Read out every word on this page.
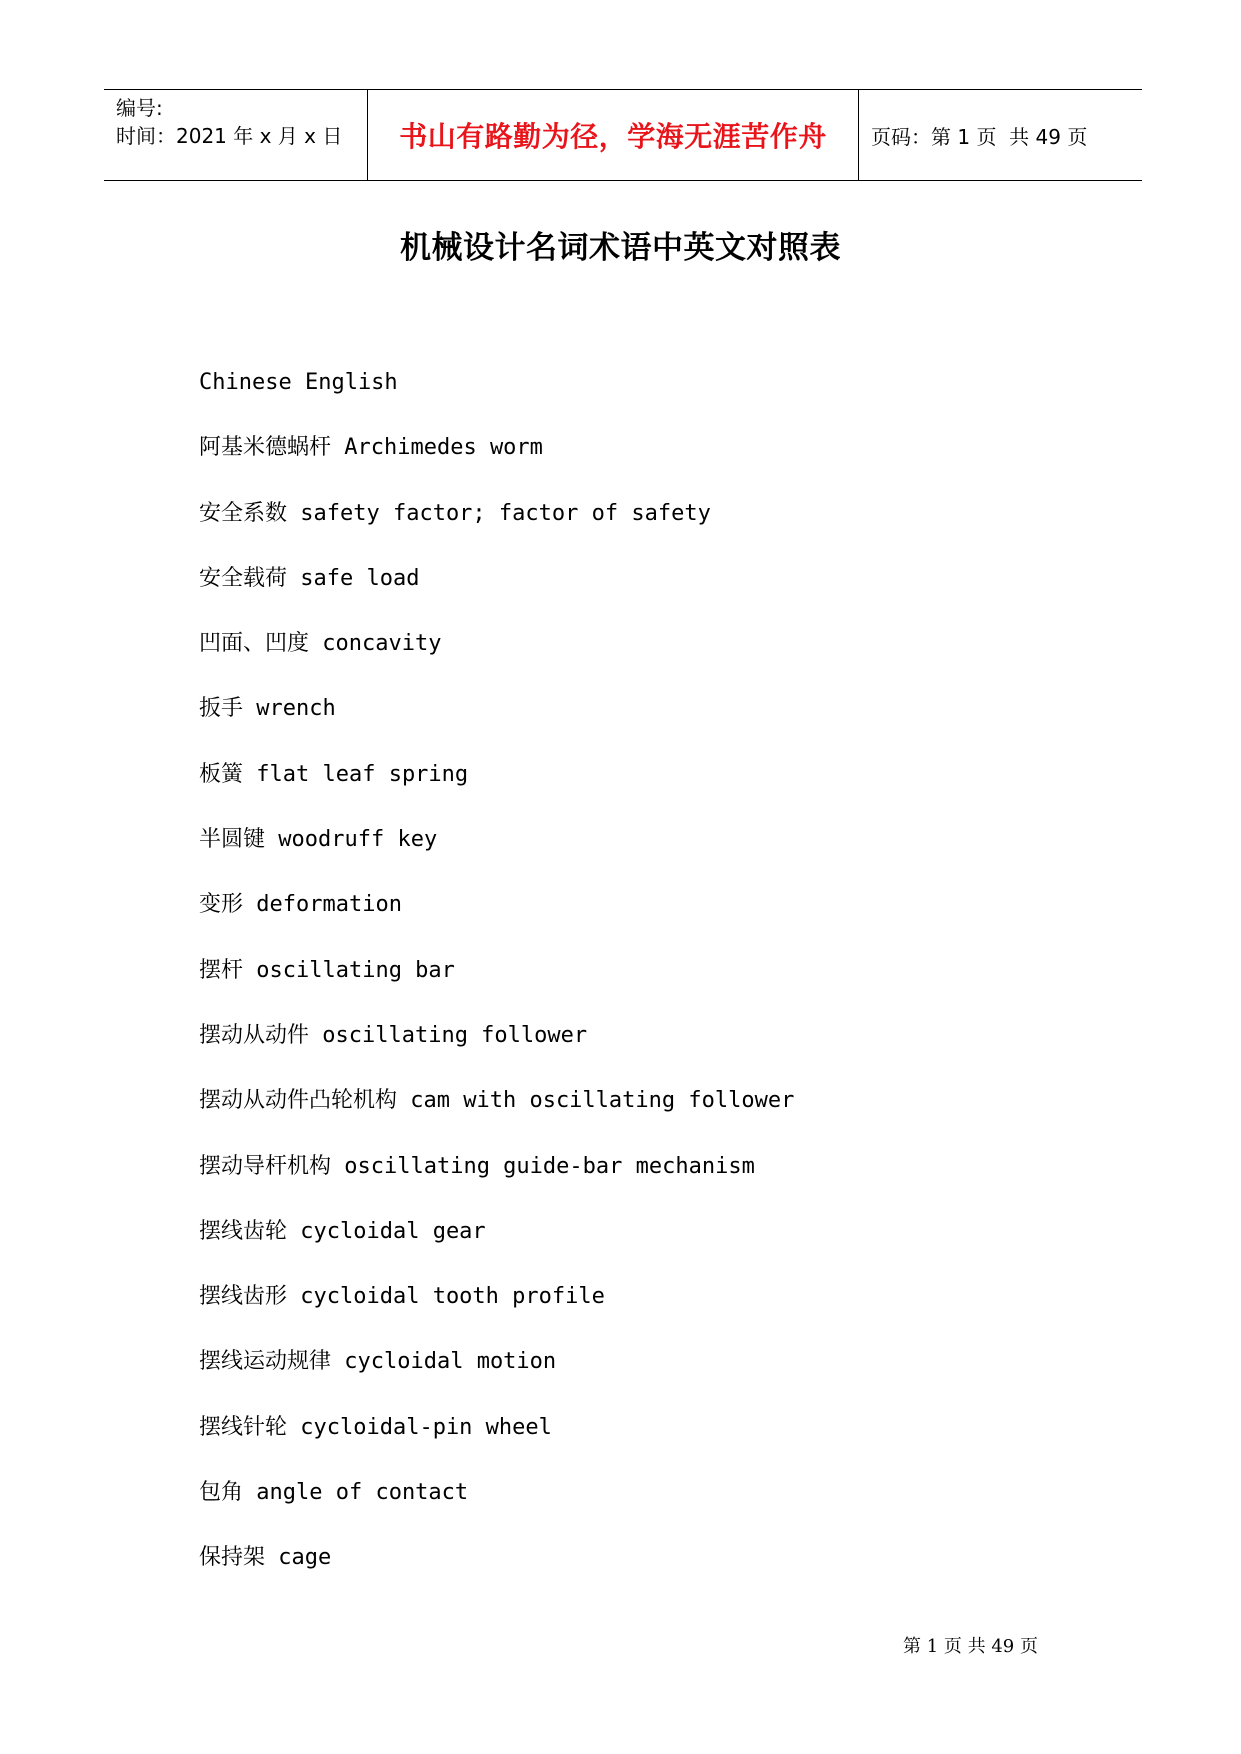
编号:
时间：2021 年 x 月 x 日	书山有路勤为径，学海无涯苦作舟 页码：第 1 页  共 49 页
机械设计名词术语中英文对照表
Chinese English
阿基米德蜗杆 Archimedes worm
安全系数 safety factor; factor of safety
安全载荷 safe load
凹面、凹度 concavity
扳手 wrench
板簧 flat leaf spring
半圆键 woodruff key
变形 deformation
摆杆 oscillating bar
摆动从动件 oscillating follower
摆动从动件凸轮机构 cam with oscillating follower
摆动导杆机构 oscillating guide-bar mechanism
摆线齿轮 cycloidal gear
摆线齿形 cycloidal tooth profile
摆线运动规律 cycloidal motion
摆线针轮 cycloidal-pin wheel
包角 angle of contact
保持架 cage
第 1 页 共 49 页
